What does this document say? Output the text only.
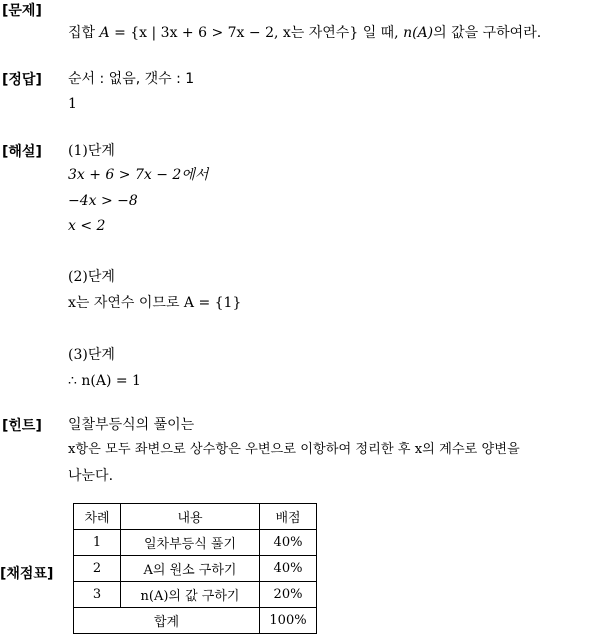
[문제]
집합 A = {x | 3x + 6 > 7x − 2, x는 자연수} 일 때, n(A)의 값을 구하여라.
[정답] 순서 : 없음, 갯수 : 1
1
[해설] (1)단계
3x + 6 > 7x − 2에서
−4x > −8
x < 2
(2)단계
x는 자연수 이므로 A = {1}
(3)단계
∴ n(A) = 1
[힌트] 일찰부등식의 풀이는
x항은 모두 좌변으로 상수항은 우변으로 이항하여 정리한 후 x의 계수로 양변을
나눈다.
[채점표]
차례	내용	배점
1	일차부등식 풀기	40%
2	A의 원소 구하기	40%
3	n(A)의 값 구하기	20%
합계		100%
